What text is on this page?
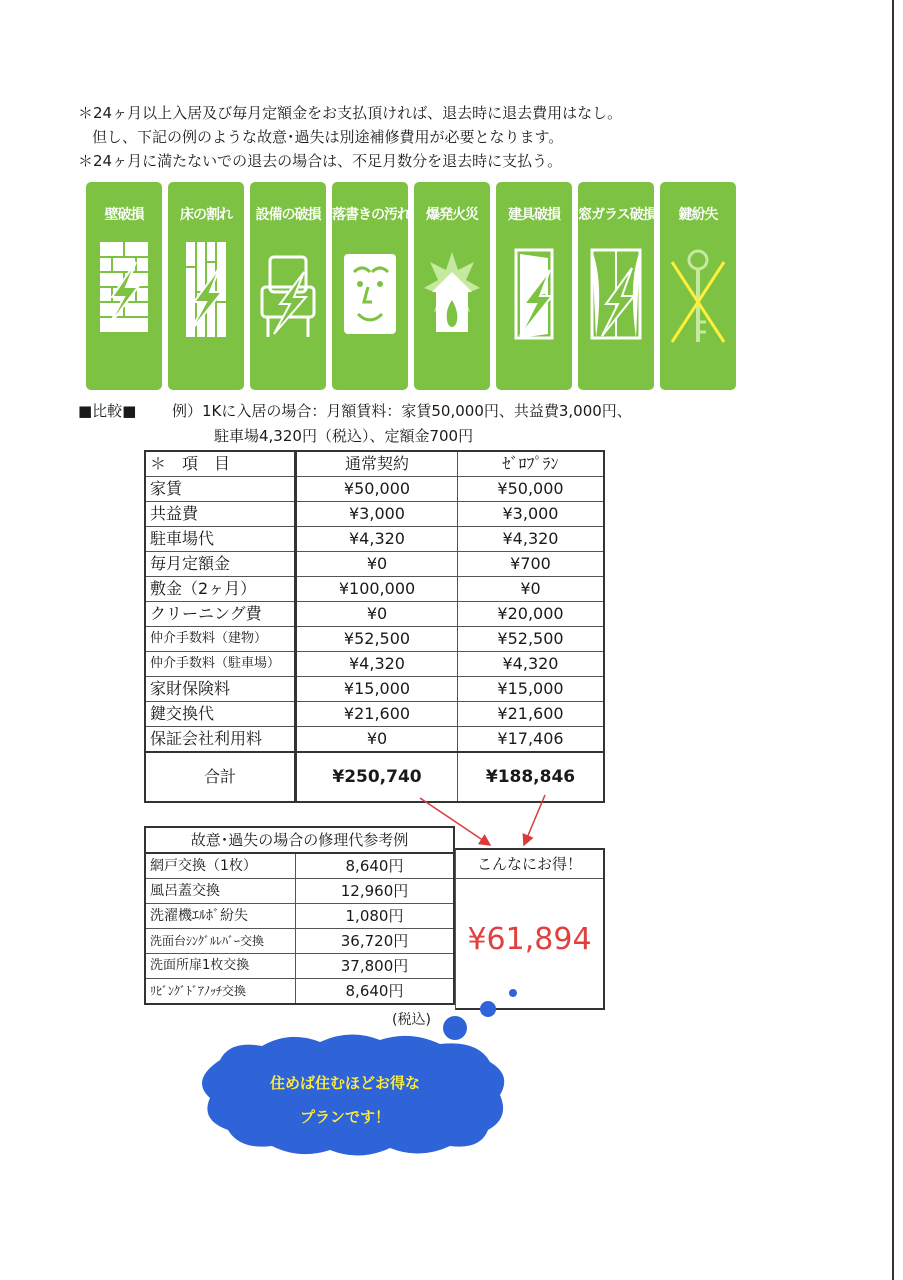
＊24ヶ月以上入居及び毎月定額金をお支払頂ければ、退去時に退去費用はなし。
但し、下記の例のような故意･過失は別途補修費用が必要となります。
＊24ヶ月に満たないでの退去の場合は、不足月数分を退去時に支払う。
壁破損	床の割れ	設備の破損 落書きの汚れ	爆発火災	建具破損	窓ガラス破損	鍵紛失
■比較■ 例）1Kに入居の場合：月額賃料：家賃50,000円、共益費3,000円、
駐車場4,320円（税込）、定額金700円
＊　項　目	通常契約	ｾﾞﾛﾌﾟﾗﾝ
家賃	¥50,000	¥50,000
共益費	¥3,000	¥3,000
駐車場代	¥4,320	¥4,320
毎月定額金	¥0	¥700
敷金（2ヶ月）	¥100,000	¥0
クリーニング費	¥0	¥20,000
仲介手数料（建物）	¥52,500	¥52,500
仲介手数料（駐車場）	¥4,320	¥4,320
家財保険料	¥15,000	¥15,000
鍵交換代	¥21,600	¥21,600
保証会社利用料	¥0	¥17,406
合計	¥250,740	¥188,846
故意･過失の場合の修理代参考例	
網戸交換（1枚）	8,640円
風呂蓋交換	12,960円
洗濯機ｴﾙﾎﾞ紛失	1,080円
洗面台ｼﾝｸﾞﾙﾚﾊﾞｰ交換	36,720円
洗面所扉1枚交換	37,800円
ﾘﾋﾞﾝｸﾞﾄﾞｱﾉｯﾁ交換	8,640円
(税込)
こんなにお得！
¥61,894
住めば住むほどお得な
プランです！
